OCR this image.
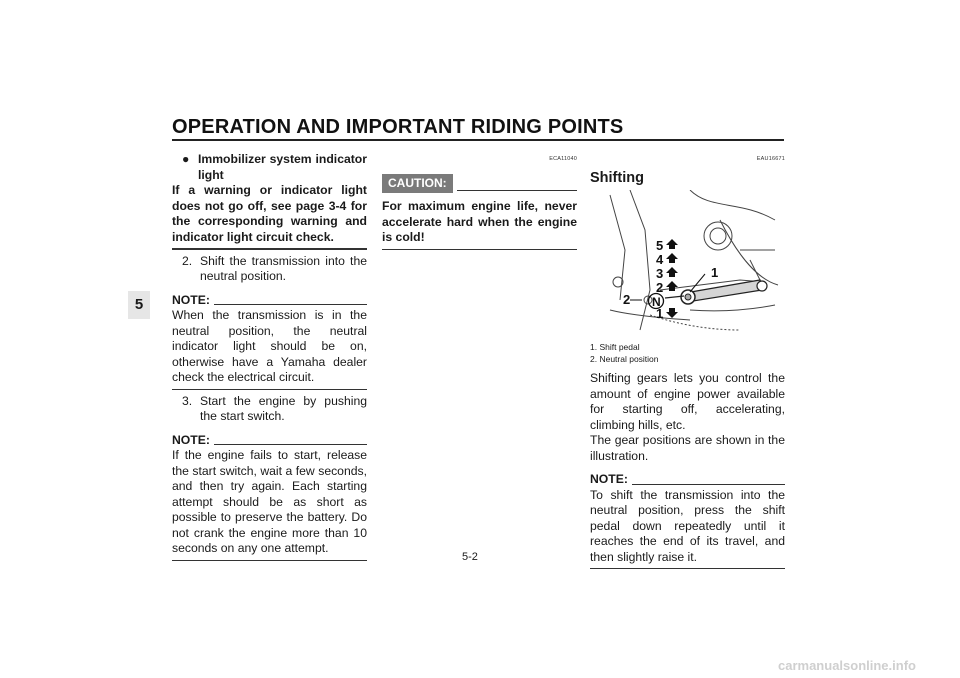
OPERATION AND IMPORTANT RIDING POINTS
5
● Immobilizer system indicator light
If a warning or indicator light does not go off, see page 3-4 for the corresponding warning and indicator light circuit check.
2. Shift the transmission into the neutral position.
NOTE:
When the transmission is in the neutral position, the neutral indicator light should be on, otherwise have a Yamaha dealer check the electrical circuit.
3. Start the engine by pushing the start switch.
NOTE:
If the engine fails to start, release the start switch, wait a few seconds, and then try again. Each starting attempt should be as short as possible to preserve the battery. Do not crank the engine more than 10 seconds on any one attempt.
ECA11040
CAUTION:
For maximum engine life, never accelerate hard when the engine is cold!
EAU16671
Shifting
5
4
3
2
N
1
1
2
1. Shift pedal
2. Neutral position
Shifting gears lets you control the amount of engine power available for starting off, accelerating, climbing hills, etc.
The gear positions are shown in the illustration.
NOTE:
To shift the transmission into the neutral position, press the shift pedal down repeatedly until it reaches the end of its travel, and then slightly raise it.
5-2
carmanualsonline.info
